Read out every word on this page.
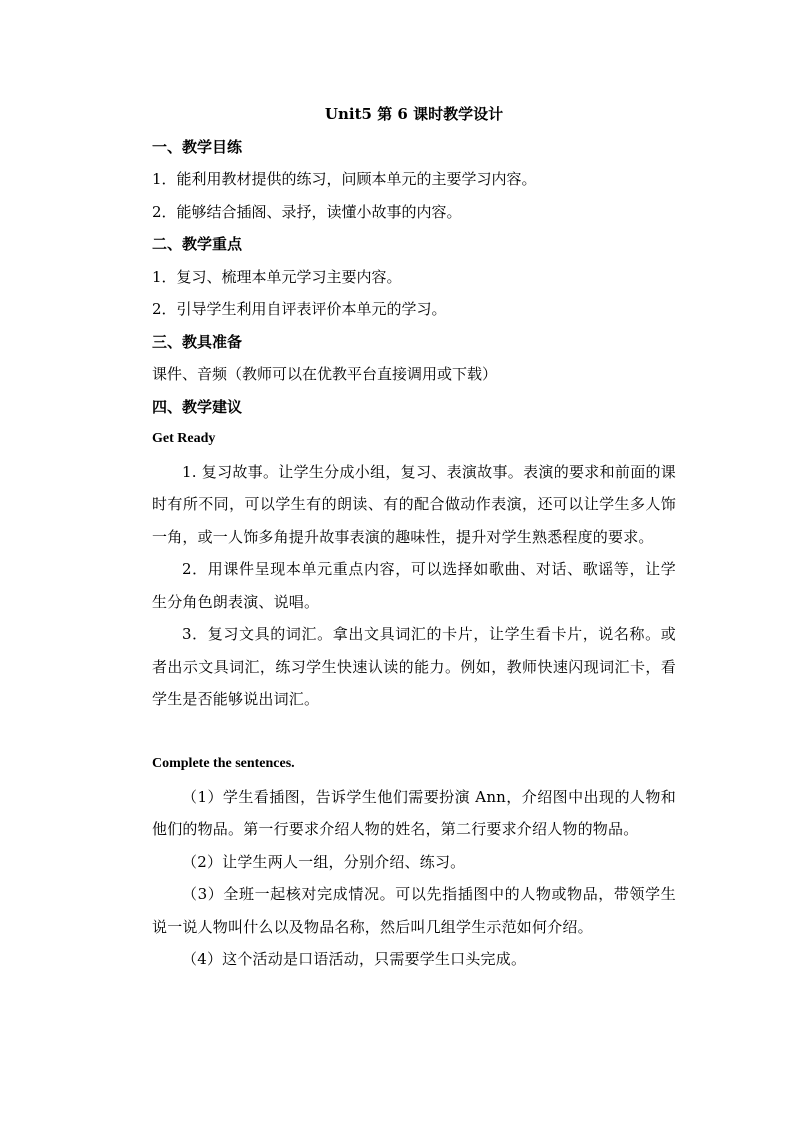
Unit5 第 6 课时教学设计
一、教学目练
1．能利用教材提供的练习，问顾本单元的主要学习内容。
2．能够结合插阁、录抒，读懂小故事的内容。
二、教学重点
1．复习、梳理本单元学习主要内容。
2．引导学生利用自评表评价本单元的学习。
三、教具准备
课件、音频（教师可以在优教平台直接调用或下载）
四、教学建议
Get Ready
1. 复习故事。让学生分成小组，复习、表演故事。表演的要求和前面的课时有所不同，可以学生有的朗读、有的配合做动作表演，还可以让学生多人饰一角，或一人饰多角提升故事表演的趣味性，提升对学生熟悉程度的要求。
2．用课件呈现本单元重点内容，可以选择如歌曲、对话、歌谣等，让学生分角色朗表演、说唱。
3．复习文具的词汇。拿出文具词汇的卡片，让学生看卡片，说名称。或者出示文具词汇，练习学生快速认读的能力。例如，教师快速闪现词汇卡，看学生是否能够说出词汇。
Complete the sentences.
（1）学生看插图，告诉学生他们需要扮演 Ann，介绍图中出现的人物和他们的物品。第一行要求介绍人物的姓名，第二行要求介绍人物的物品。
（2）让学生两人一组，分别介绍、练习。
（3）全班一起核对完成情况。可以先指插图中的人物或物品，带领学生说一说人物叫什么以及物品名称，然后叫几组学生示范如何介绍。
（4）这个活动是口语活动，只需要学生口头完成。
